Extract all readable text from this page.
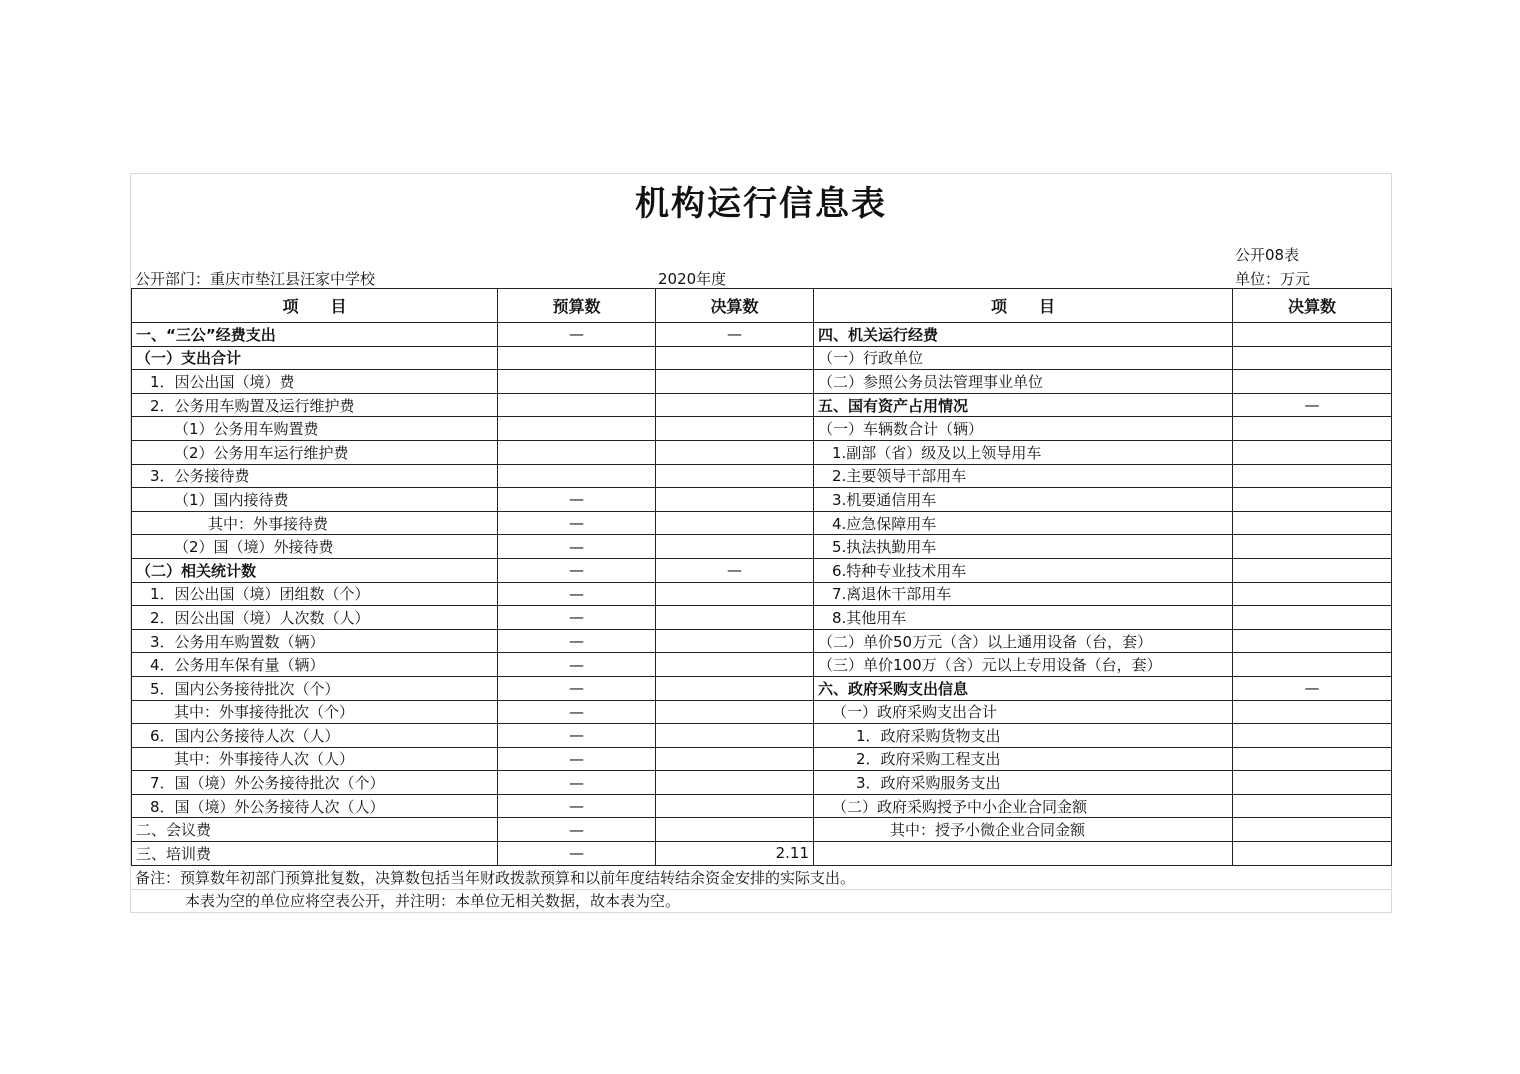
机构运行信息表
公开08表
公开部门：重庆市垫江县汪家中学校	2020年度	单位：万元
项　　目	预算数	决算数	项　　目	决算数
一、“三公”经费支出	—	—	四、机关运行经费	
（一）支出合计			（一）行政单位	
1．因公出国（境）费			（二）参照公务员法管理事业单位	
2．公务用车购置及运行维护费			五、国有资产占用情况	—
（1）公务用车购置费			（一）车辆数合计（辆）	
（2）公务用车运行维护费			1.副部（省）级及以上领导用车	
3．公务接待费			2.主要领导干部用车	
（1）国内接待费	—		3.机要通信用车	
其中：外事接待费	—		4.应急保障用车	
（2）国（境）外接待费	—		5.执法执勤用车	
（二）相关统计数	—	—	6.特种专业技术用车	
1．因公出国（境）团组数（个）	—		7.离退休干部用车	
2．因公出国（境）人次数（人）	—		8.其他用车	
3．公务用车购置数（辆）	—		（二）单价50万元（含）以上通用设备（台，套）	
4．公务用车保有量（辆）	—		（三）单价100万（含）元以上专用设备（台，套）	
5．国内公务接待批次（个）	—		六、政府采购支出信息	—
其中：外事接待批次（个）	—		（一）政府采购支出合计	
6．国内公务接待人次（人）	—		1．政府采购货物支出	
其中：外事接待人次（人）	—		2．政府采购工程支出	
7．国（境）外公务接待批次（个）	—		3．政府采购服务支出	
8．国（境）外公务接待人次（人）	—		（二）政府采购授予中小企业合同金额	
二、会议费	—		其中：授予小微企业合同金额	
三、培训费	—	2.11		
备注：预算数年初部门预算批复数，决算数包括当年财政拨款预算和以前年度结转结余资金安排的实际支出。
本表为空的单位应将空表公开，并注明：本单位无相关数据，故本表为空。
